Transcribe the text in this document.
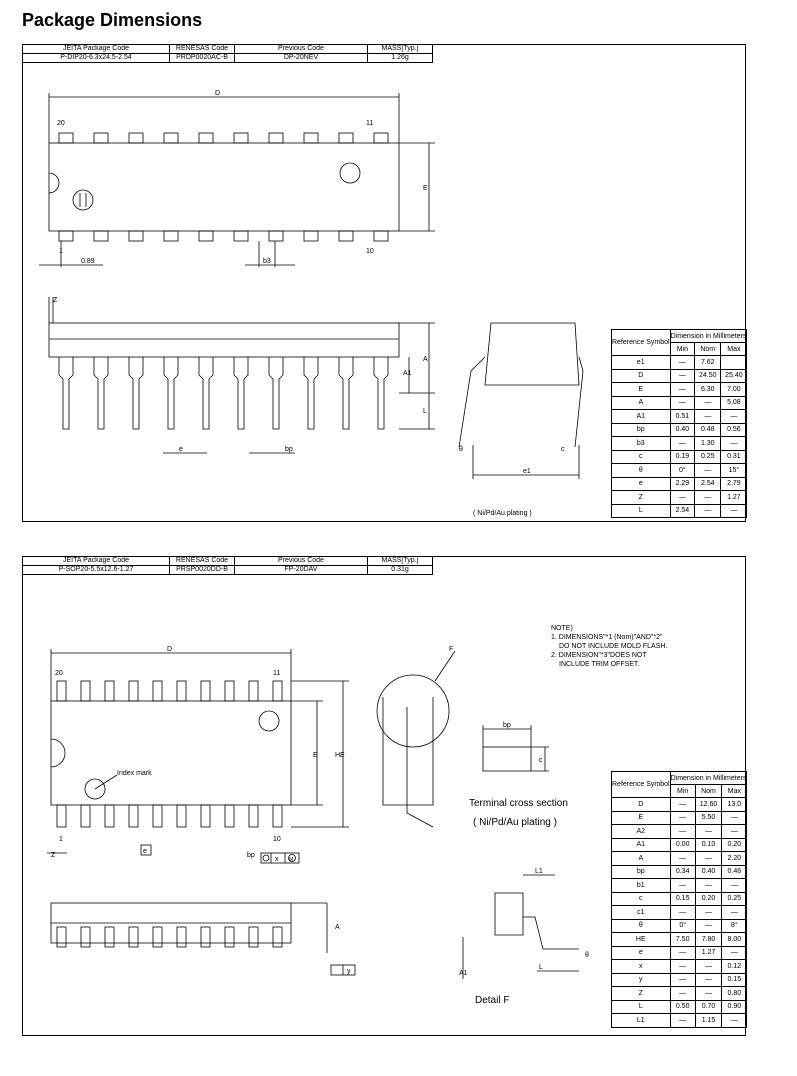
Package Dimensions
JEITA Package Code	RENESAS Code	Previous Code	MASS[Typ.]
P-DIP20-6.3x24.5-2.54	PRDP0020AC-B	DP-20NEV	1.26g
D
20	11
1	10
E
0.89	b3
Z
A
A1
L
e	bp
e1
θ	c
( Ni/Pd/Au plating )
Reference Symbol	Dimension in Millimeters		
	Min	Nom	Max
e1	—	7.62	
D	—	24.50	25.40
E	—	6.30	7.00
A	—	—	5.08
A1	0.51	—	—
bp	0.40	0.48	0.56
b3	—	1.30	—
c	0.19	0.25	0.31
θ	0°	—	15°
e	2.29	2.54	2.79
Z	—	—	1.27
L	2.54	—	—
JEITA Package Code	RENESAS Code	Previous Code	MASS[Typ.]
P-SOP20-5.5x12.6-1.27	PRSP0020DD-B	FP-20DAV	0.31g
NOTE)
1. DIMENSIONS"*1 (Nom)"AND"*2"
DO NOT INCLUDE MOLD FLASH.
2. DIMENSION"*3"DOES NOT
INCLUDE TRIM OFFSET.
Index mark
D
20	11
1	10
E HE
Z
e
bp
x M
A
y
F
bp
c
Terminal cross section
( Ni/Pd/Au plating )
L1
L
A1
θ
Detail F
Reference Symbol	Dimension in Millimeters		
	Min	Nom	Max
D	—	12.60	13.0
E	—	5.50	—
A2	—	—	—
A1	0.00	0.10	0.20
A	—	—	2.20
bp	0.34	0.40	0.46
b1	—	—	—
c	0.15	0.20	0.25
c1	—	—	—
θ	0°	—	8°
HE	7.50	7.80	8.00
e	—	1.27	—
x	—	—	0.12
y	—	—	0.15
Z	—	—	0.80
L	0.50	0.70	0.90
L1	—	1.15	—
